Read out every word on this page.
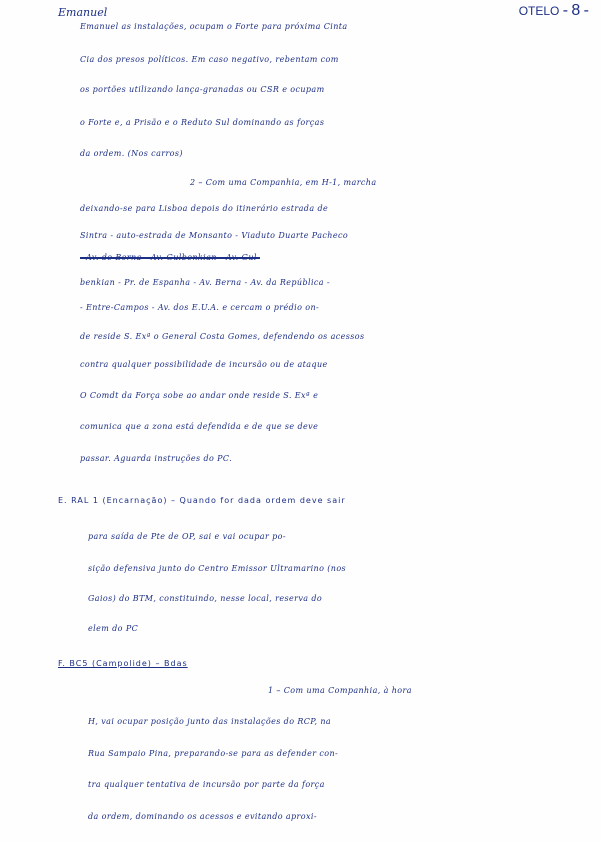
OTELO - 8 -
Emanuel
Emanuel as instalações, ocupam o Forte para próxima Cinta
Cia dos presos políticos. Em caso negativo, rebentam com
os portões utilizando lança-granadas ou CSR e ocupam
o Forte e, a Prisão e o Reduto Sul dominando as forças
da ordem. (Nos carros)
2 – Com uma Companhia, em H-1, marcha
deixando-se para Lisboa depois do itinerário estrada de
Sintra - auto-estrada de Monsanto - Viaduto Duarte Pacheco
- Av. de Berna - Av. Gulbenkian - Av. Gul-
benkian - Pr. de Espanha - Av. Berna - Av. da República -
- Entre-Campos - Av. dos E.U.A. e cercam o prédio on-
de reside S. Exª o General Costa Gomes, defendendo os acessos
contra qualquer possibilidade de incursão ou de ataque
O Comdt da Força sobe ao andar onde reside S. Exª e
comunica que a zona está defendida e de que se deve
passar. Aguarda instruções do PC.
E. RAL 1 (Encarnação) – Quando for dada ordem deve sair
para saída de Pte de OP, sai e vai ocupar po-
sição defensiva junto do Centro Emissor Ultramarino (nos
Gaios) do BTM, constituindo, nesse local, reserva do
elem do PC
F. BC5 (Campolide) – Bdas
1 – Com uma Companhia, à hora
H, vai ocupar posição junto das instalações do RCP, na
Rua Sampaio Pina, preparando-se para as defender con-
tra qualquer tentativa de incursão por parte da força
da ordem, dominando os acessos e evitando aproxi-
